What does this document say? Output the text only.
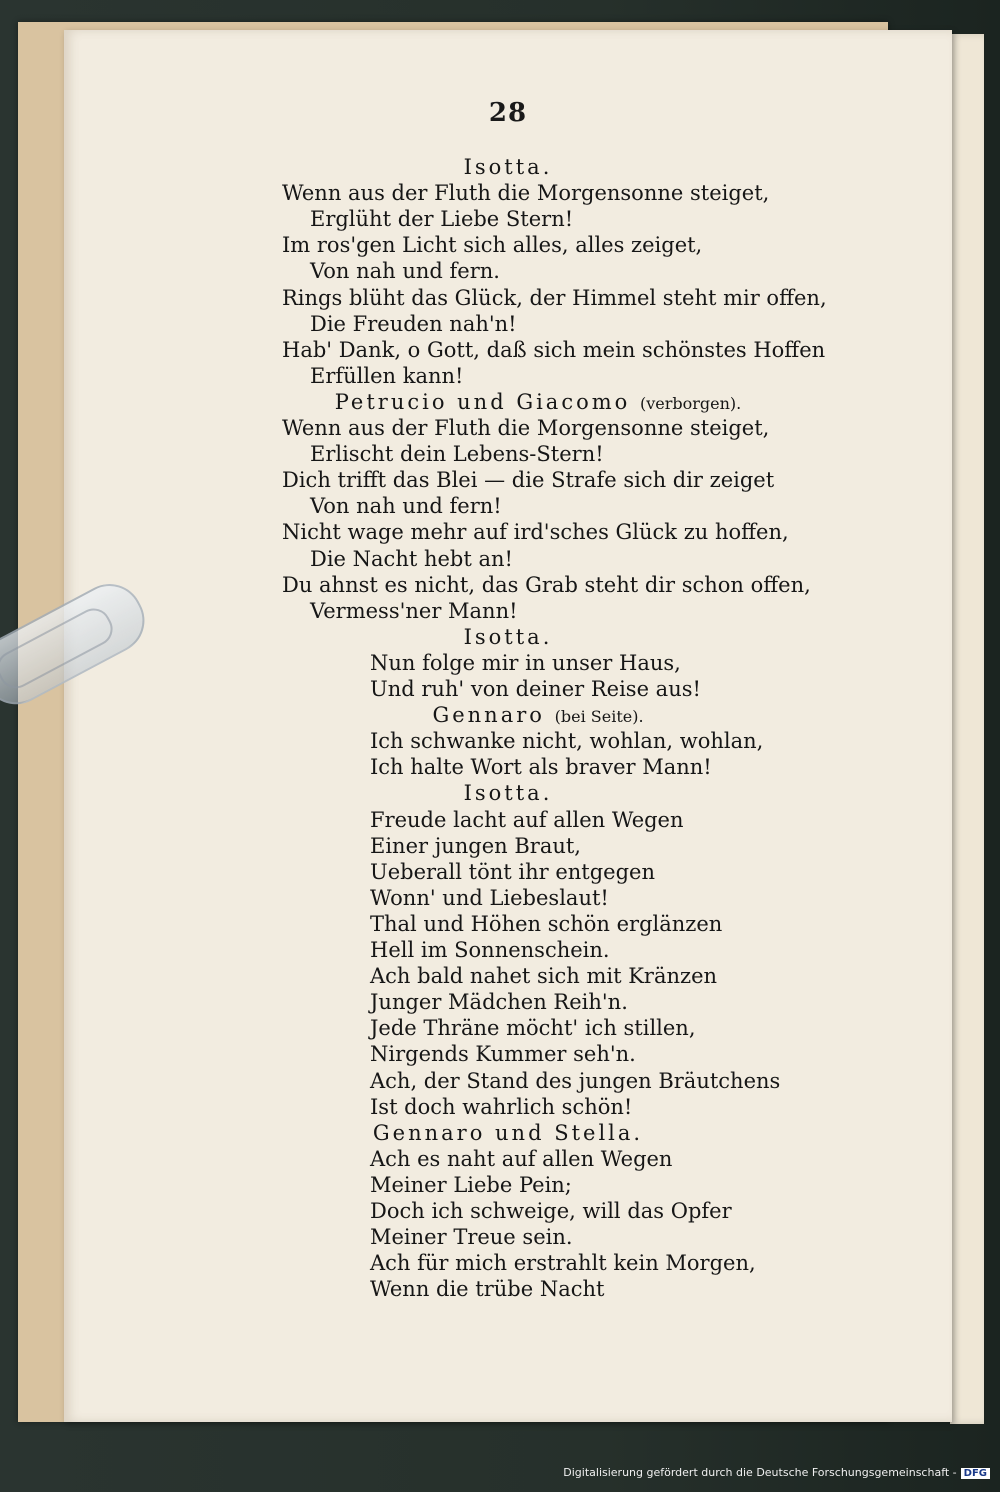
28
Isotta.
Wenn aus der Fluth die Morgensonne steiget,
Erglüht der Liebe Stern!
Im ros'gen Licht sich alles, alles zeiget,
Von nah und fern.
Rings blüht das Glück, der Himmel steht mir offen,
Die Freuden nah'n!
Hab' Dank, o Gott, daß sich mein schönstes Hoffen
Erfüllen kann!
Petrucio und Giacomo (verborgen).
Wenn aus der Fluth die Morgensonne steiget,
Erlischt dein Lebens-Stern!
Dich trifft das Blei — die Strafe sich dir zeiget
Von nah und fern!
Nicht wage mehr auf ird'sches Glück zu hoffen,
Die Nacht hebt an!
Du ahnst es nicht, das Grab steht dir schon offen,
Vermess'ner Mann!
Isotta.
Nun folge mir in unser Haus,
Und ruh' von deiner Reise aus!
Gennaro (bei Seite).
Ich schwanke nicht, wohlan, wohlan,
Ich halte Wort als braver Mann!
Isotta.
Freude lacht auf allen Wegen
Einer jungen Braut,
Ueberall tönt ihr entgegen
Wonn' und Liebeslaut!
Thal und Höhen schön erglänzen
Hell im Sonnenschein.
Ach bald nahet sich mit Kränzen
Junger Mädchen Reih'n.
Jede Thräne möcht' ich stillen,
Nirgends Kummer seh'n.
Ach, der Stand des jungen Bräutchens
Ist doch wahrlich schön!
Gennaro und Stella.
Ach es naht auf allen Wegen
Meiner Liebe Pein;
Doch ich schweige, will das Opfer
Meiner Treue sein.
Ach für mich erstrahlt kein Morgen,
Wenn die trübe Nacht
Digitalisierung gefördert durch die Deutsche Forschungsgemeinschaft - DFG
